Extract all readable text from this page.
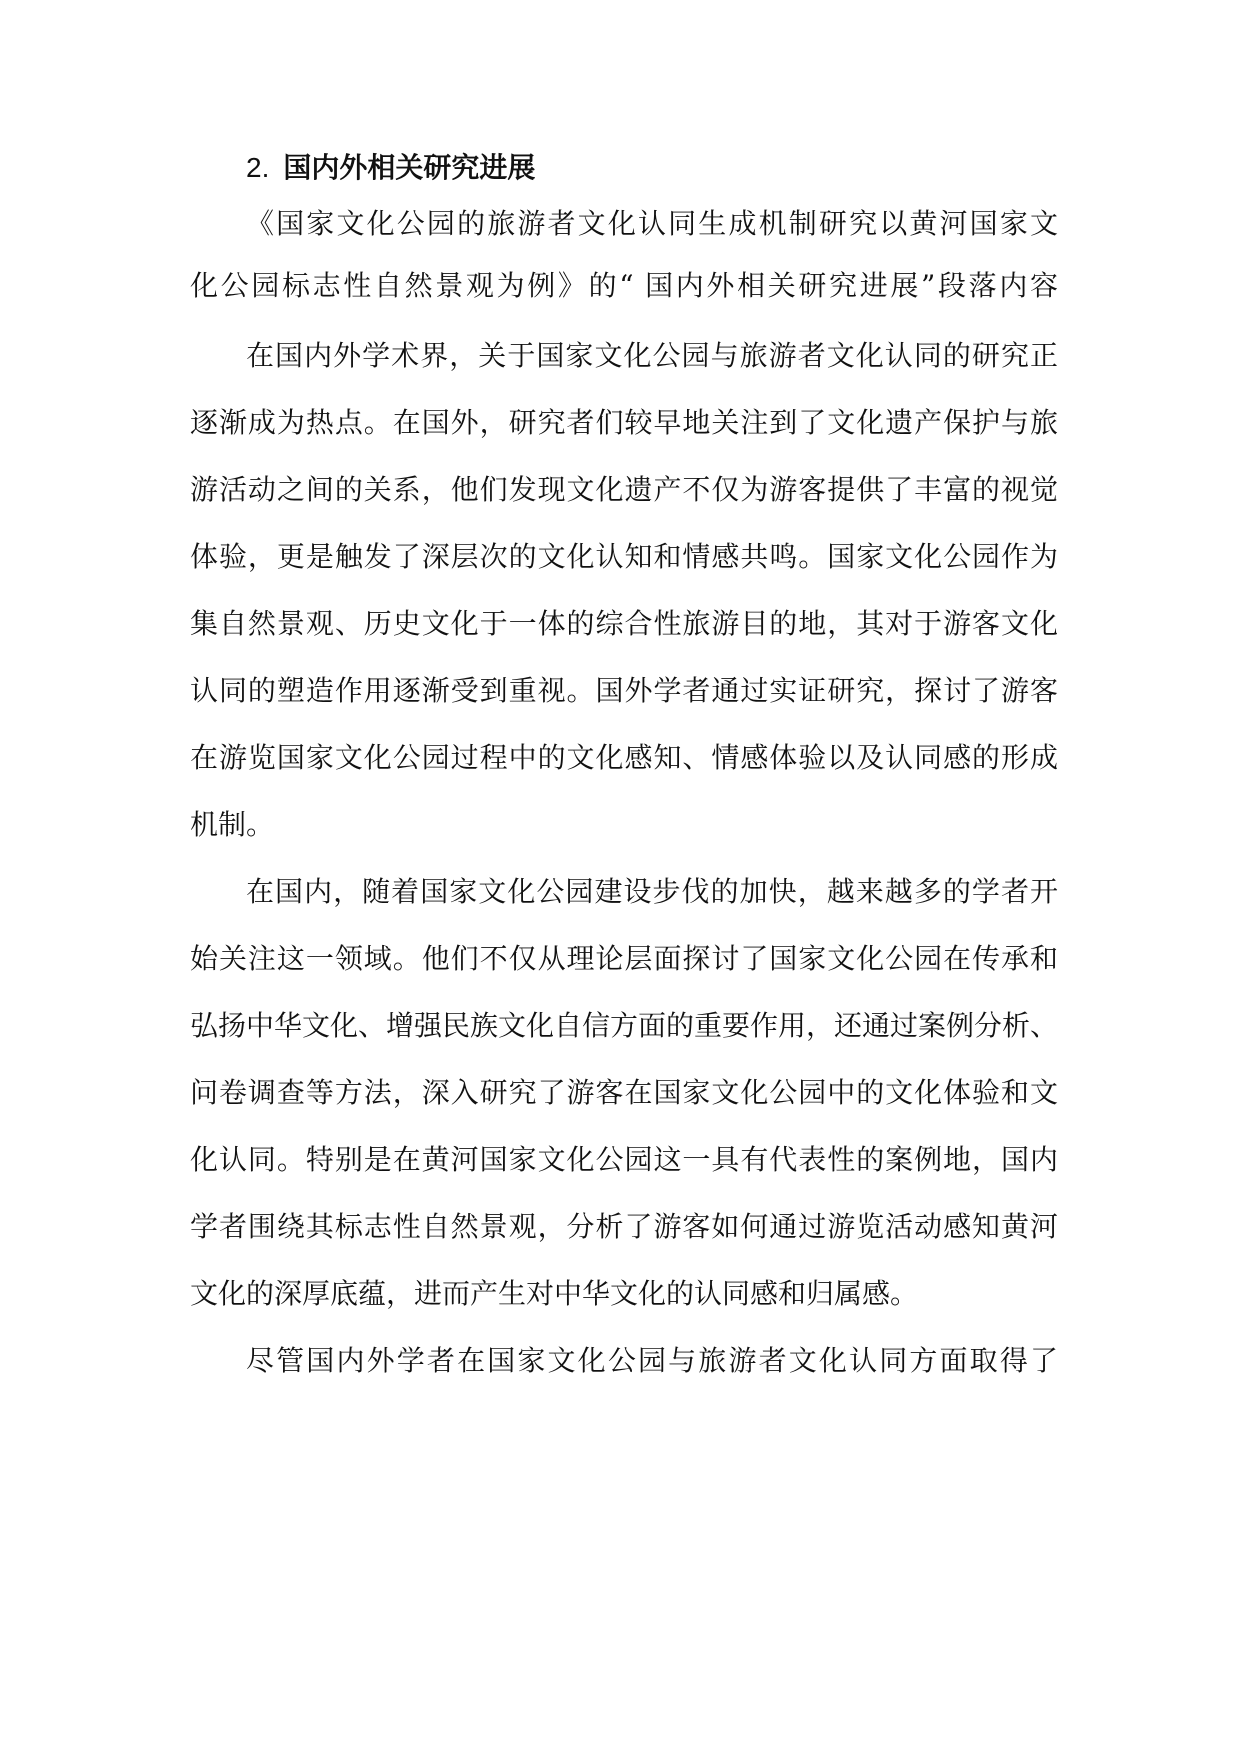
2. 国内外相关研究进展
《国家文化公园的旅游者文化认同生成机制研究以黄河国家文
化公园标志性自然景观为例》的“ 国内外相关研究进展”段落内容
在国内外学术界，关于国家文化公园与旅游者文化认同的研究正
逐渐成为热点。在国外，研究者们较早地关注到了文化遗产保护与旅
游活动之间的关系，他们发现文化遗产不仅为游客提供了丰富的视觉
体验，更是触发了深层次的文化认知和情感共鸣。国家文化公园作为
集自然景观、历史文化于一体的综合性旅游目的地，其对于游客文化
认同的塑造作用逐渐受到重视。国外学者通过实证研究，探讨了游客
在游览国家文化公园过程中的文化感知、情感体验以及认同感的形成
机制。
在国内，随着国家文化公园建设步伐的加快，越来越多的学者开
始关注这一领域。他们不仅从理论层面探讨了国家文化公园在传承和
弘扬中华文化、增强民族文化自信方面的重要作用，还通过案例分析、
问卷调查等方法，深入研究了游客在国家文化公园中的文化体验和文
化认同。特别是在黄河国家文化公园这一具有代表性的案例地，国内
学者围绕其标志性自然景观，分析了游客如何通过游览活动感知黄河
文化的深厚底蕴，进而产生对中华文化的认同感和归属感。
尽管国内外学者在国家文化公园与旅游者文化认同方面取得了
